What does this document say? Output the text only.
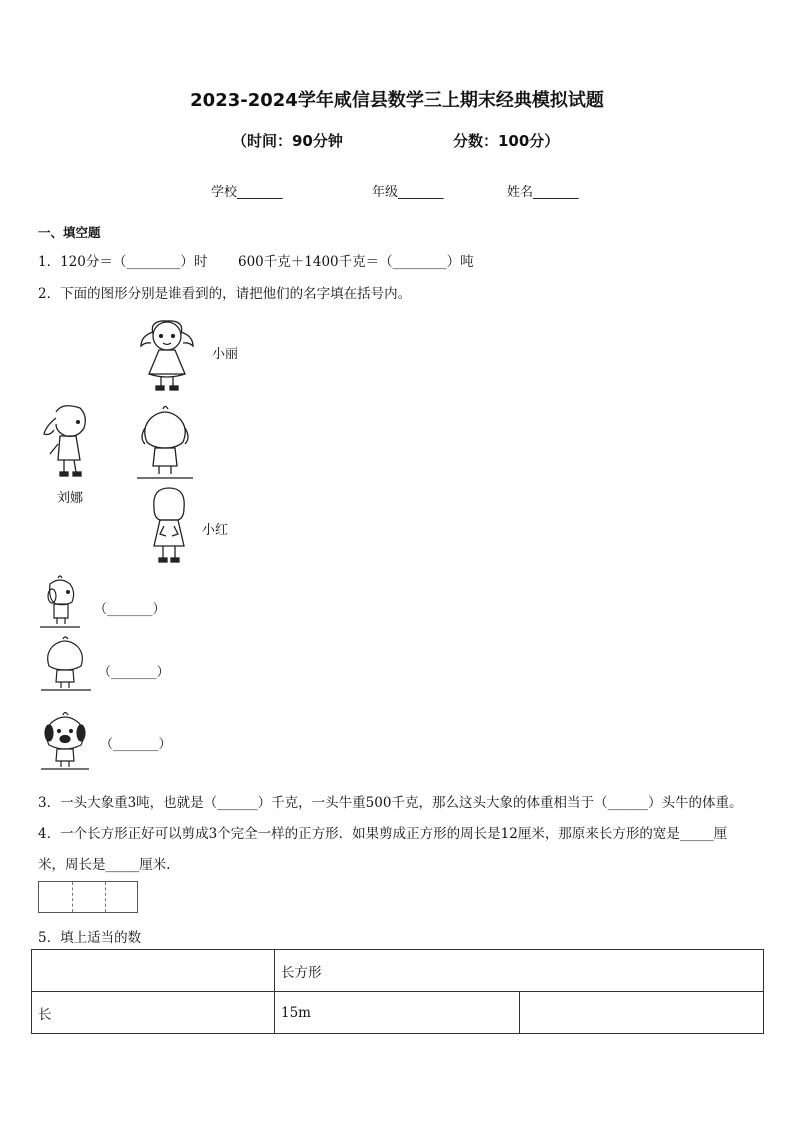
2023-2024学年咸信县数学三上期末经典模拟试题
（时间：90分钟	分数：100分）
学校_______	年级_______	姓名_______
一、填空题
1．120分＝（________）时 600千克＋1400千克＝（________）吨
2．下面的图形分别是谁看到的，请把他们的名字填在括号内。
小丽
刘娜
小红
（_______）
（_______）
（_______）
3．一头大象重3吨，也就是（______）千克，一头牛重500千克，那么这头大象的体重相当于（______）头牛的体重。
4．一个长方形正好可以剪成3个完全一样的正方形．如果剪成正方形的周长是12厘米，那原来长方形的宽是_____厘
米，周长是_____厘米．
5．填上适当的数
	长方形	
长	15m	
